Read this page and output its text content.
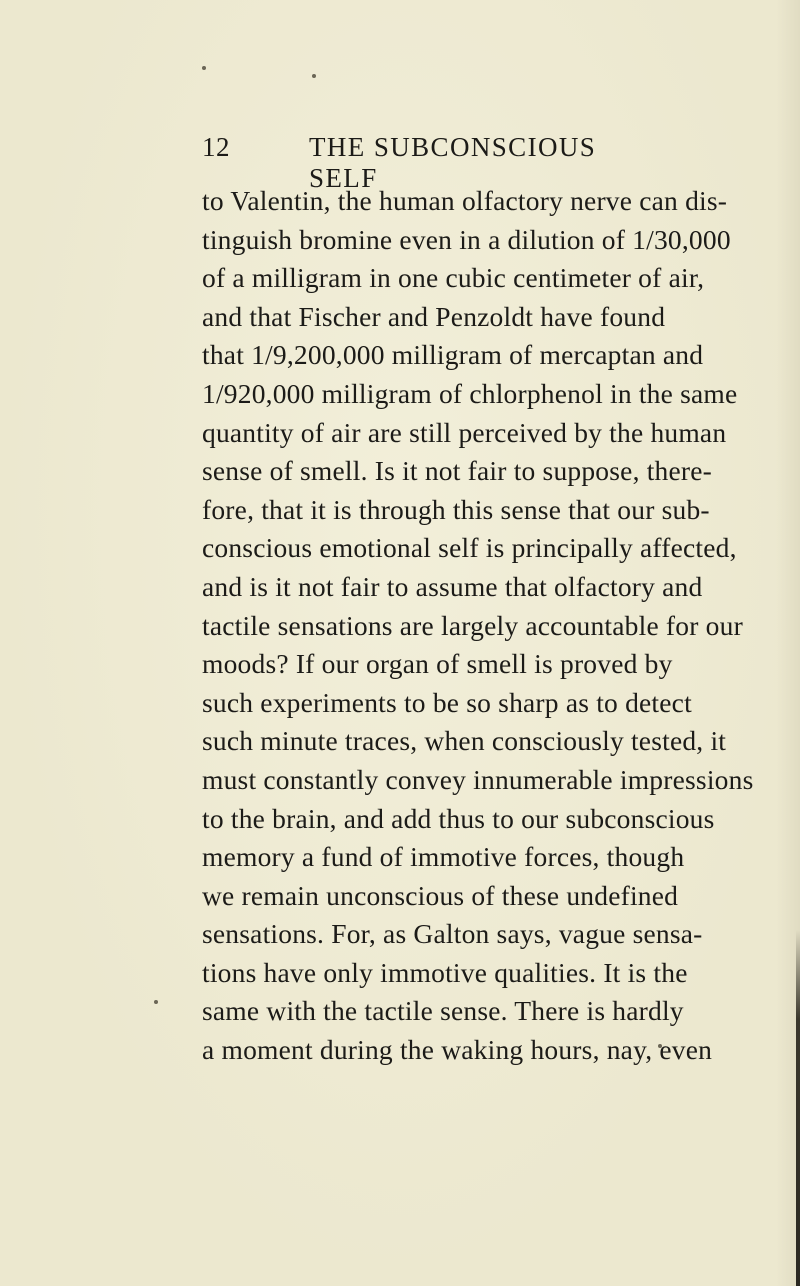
12	THE SUBCONSCIOUS SELF
to Valentin, the human olfactory nerve can dis-
tinguish bromine even in a dilution of 1/30,000
of a milligram in one cubic centimeter of air,
and that Fischer and Penzoldt have found
that 1/9,200,000 milligram of mercaptan and
1/920,000 milligram of chlorphenol in the same
quantity of air are still perceived by the human
sense of smell. Is it not fair to suppose, there-
fore, that it is through this sense that our sub-
conscious emotional self is principally affected,
and is it not fair to assume that olfactory and
tactile sensations are largely accountable for our
moods? If our organ of smell is proved by
such experiments to be so sharp as to detect
such minute traces, when consciously tested, it
must constantly convey innumerable impressions
to the brain, and add thus to our subconscious
memory a fund of immotive forces, though
we remain unconscious of these undefined
sensations. For, as Galton says, vague sensa-
tions have only immotive qualities. It is the
same with the tactile sense. There is hardly
a moment during the waking hours, nay, even
